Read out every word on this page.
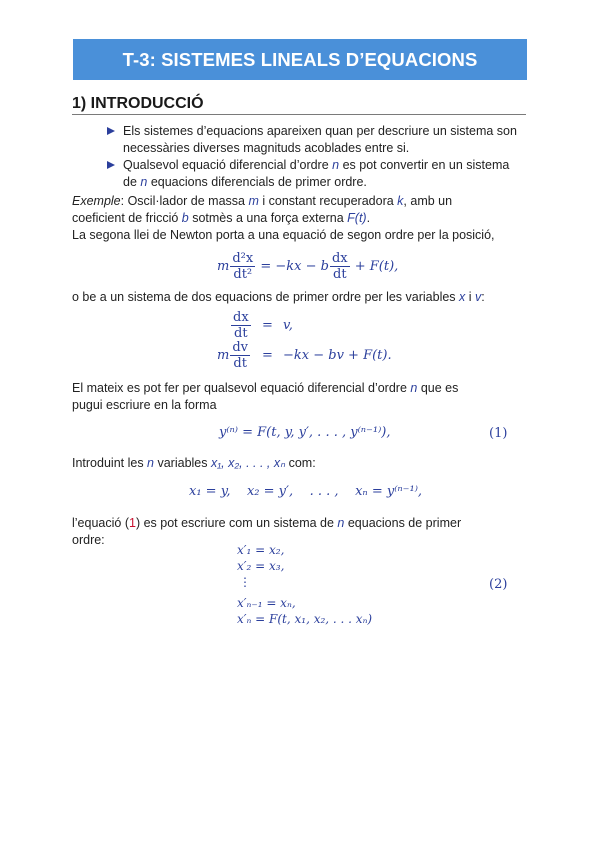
T-3: SISTEMES LINEALS D’EQUACIONS
1) INTRODUCCIÓ
Els sistemes d’equacions apareixen quan per descriure un sistema son
necessàries diverses magnituds acoblades entre si.
Qualsevol equació diferencial d’ordre n es pot convertir en un sistema
de n equacions diferencials de primer ordre.
Exemple: Oscil·lador de massa m i constant recuperadora k, amb un
coeficient de fricció b sotmès a una força externa F(t).
La segona llei de Newton porta a una equació de segon ordre per la posició,
m $\frac{\text{d²x}}{\text{dt²}} = -kx - b \frac{dx}{dt} + F(t)$,
o be a un sistema de dos equacions de primer ordre per les variables x i v:
$\frac{dx}{dt} = v$,
m $\frac{dv}{dt} = -kx$ − bv + F(t).
El mateix es pot fer per qualsevol equació diferencial d’ordre n que es
pugui escriure en la forma
y⁽ⁿ⁾ = F(t, y, y′, . . . , y⁽ⁿ⁻¹⁾),	(1)
Introduint les n variables x₁, x₂, . . . , xₙ com:
x₁ = y,    x₂ = y′,    . . . ,    xₙ = y⁽ⁿ⁻¹⁾,
l’equació (1) es pot escriure com un sistema de n equacions de primer
ordre:
x′₁ = x₂,
x′₂ = x₃,
⋮
x′ₙ₋₁ = xₙ,
x′ₙ = F(t, x₁, x₂, . . . xₙ)
(2)
